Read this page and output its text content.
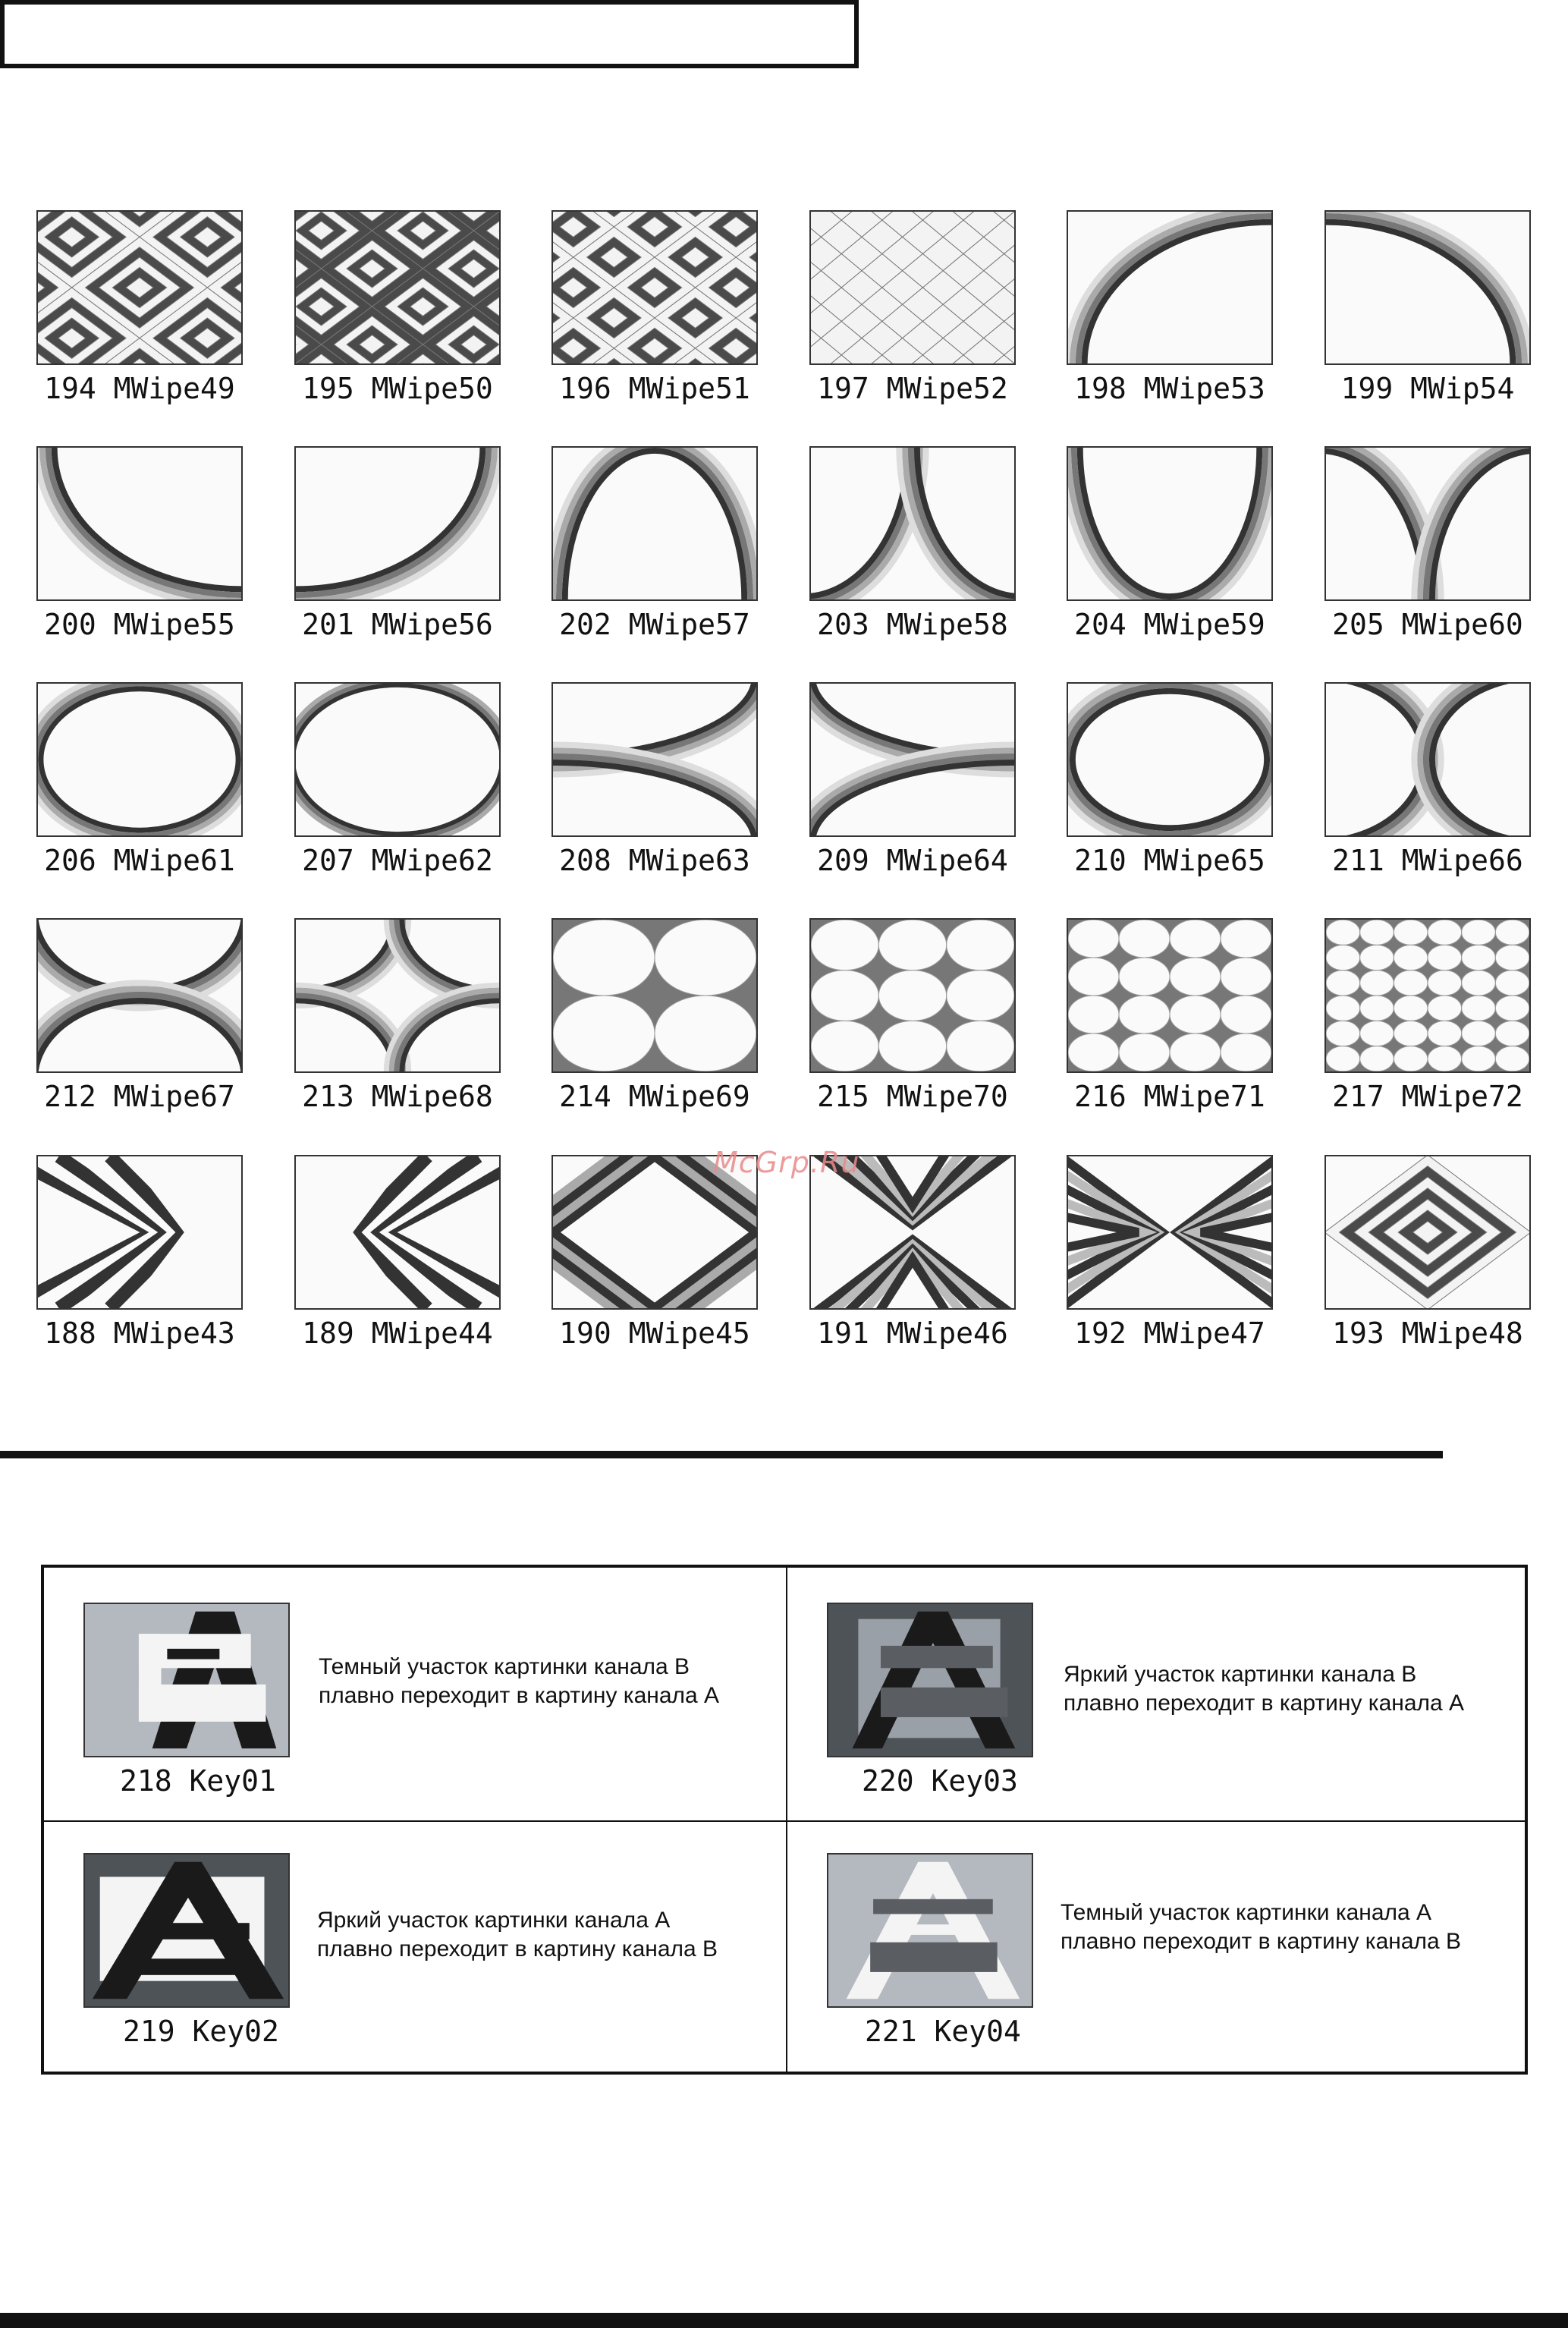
194 MWipe49 195 MWipe50 196 MWipe51 197 MWipe52 198 MWipe53	199 MWip54
200 MWipe55 201 MWipe56 202 MWipe57 203 MWipe58 204 MWipe59 205 MWipe60
206 MWipe61 207 MWipe62 208 MWipe63 209 MWipe64 210 MWipe65 211 MWipe66
212 MWipe67 213 MWipe68 214 MWipe69 215 MWipe70 216 MWipe71 217 MWipe72
188 MWipe43 189 MWipe44 190 MWipe45 191 MWipe46 192 MWipe47 193 MWipe48
McGrp.Ru
218 Key01
Темный участок картинки канала B
плавно переходит в картину канала A
220 Key03
Яркий участок картинки канала B
плавно переходит в картину канала A
219 Key02
Яркий участок картинки канала A
плавно переходит в картину канала B
221 Key04
Темный участок картинки канала A
плавно переходит в картину канала B
